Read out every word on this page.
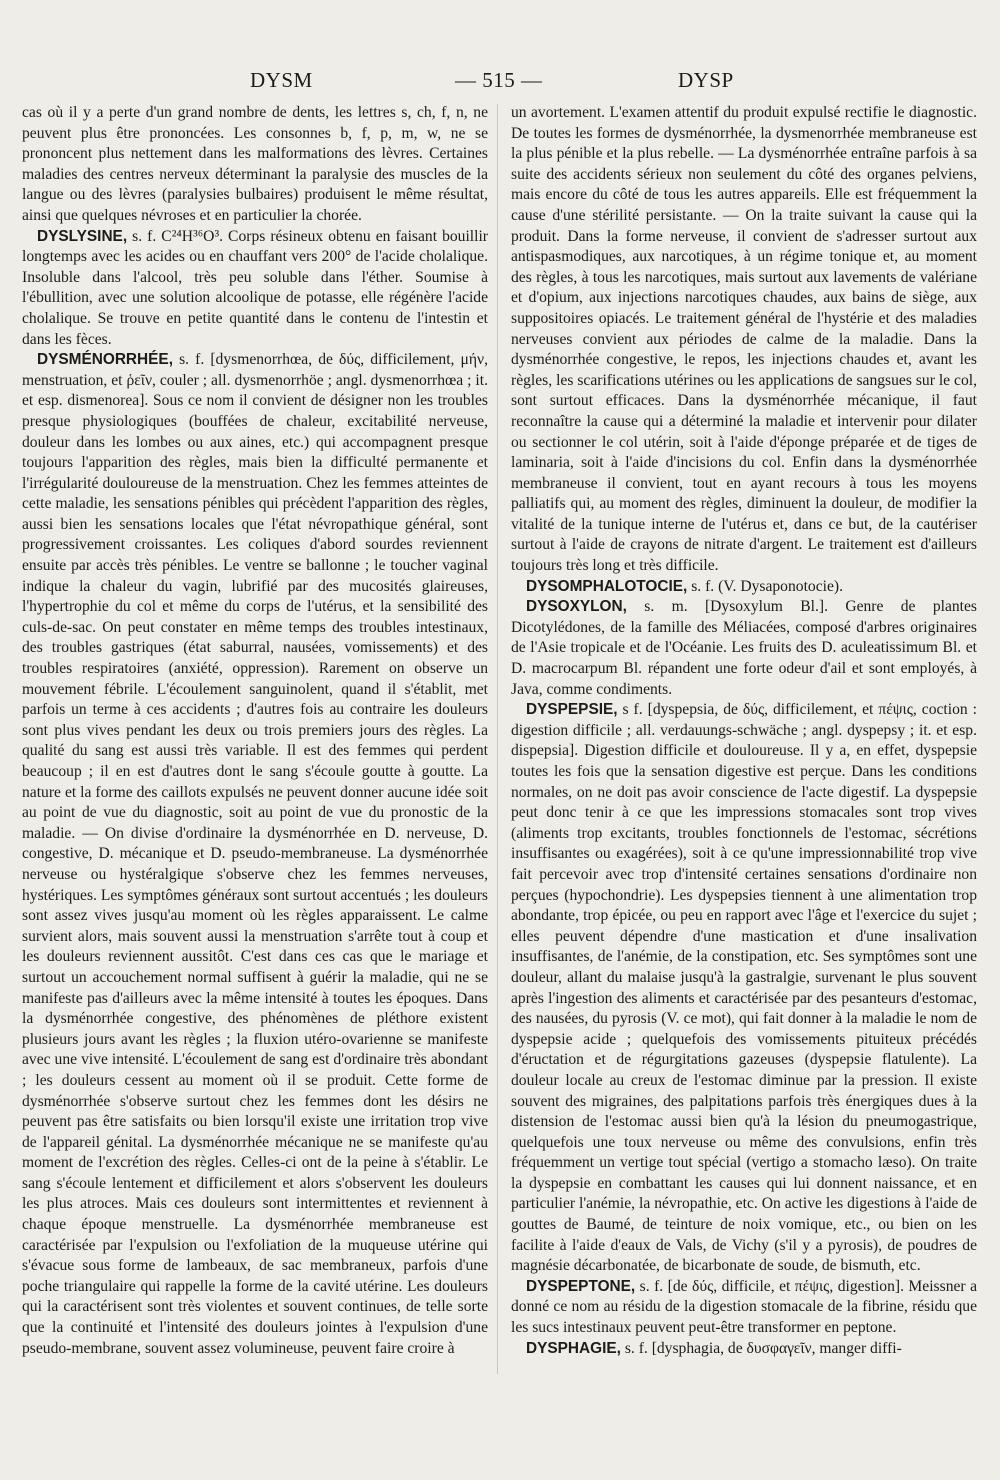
DYSM	— 515 —	DYSP

cas où il y a perte d'un grand nombre de dents, les lettres s, ch, f, n, ne peuvent plus être prononcées. Les consonnes b, f, p, m, w, ne se prononcent plus nettement dans les malformations des lèvres. Certaines maladies des centres nerveux déterminant la paralysie des muscles de la langue ou des lèvres (paralysies bulbaires) produisent le même résultat, ainsi que quelques névroses et en particulier la chorée.

DYSLYSINE, s. f. C²⁴H³⁶O³. Corps résineux obtenu en faisant bouillir longtemps avec les acides ou en chauffant vers 200° de l'acide cholalique. Insoluble dans l'alcool, très peu soluble dans l'éther. Soumise à l'ébullition, avec une solution alcoolique de potasse, elle régénère l'acide cholalique. Se trouve en petite quantité dans le contenu de l'intestin et dans les fèces.

DYSMÉNORRHÉE, s. f. [dysmenorrhœa, de δύς, difficilement, μήν, menstruation, et ῥεῖν, couler ; all. dysmenorrhöe ; angl. dysmenorrhœa ; it. et esp. dismenorea]. Sous ce nom il convient de désigner non les troubles presque physiologiques (bouffées de chaleur, excitabilité nerveuse, douleur dans les lombes ou aux aines, etc.) qui accompagnent presque toujours l'apparition des règles, mais bien la difficulté permanente et l'irrégularité douloureuse de la menstruation. Chez les femmes atteintes de cette maladie, les sensations pénibles qui précèdent l'apparition des règles, aussi bien les sensations locales que l'état névropathique général, sont progressivement croissantes. Les coliques d'abord sourdes reviennent ensuite par accès très pénibles. Le ventre se ballonne ; le toucher vaginal indique la chaleur du vagin, lubrifié par des mucosités glaireuses, l'hypertrophie du col et même du corps de l'utérus, et la sensibilité des culs-de-sac. On peut constater en même temps des troubles intestinaux, des troubles gastriques (état saburral, nausées, vomissements) et des troubles respiratoires (anxiété, oppression). Rarement on observe un mouvement fébrile. L'écoulement sanguinolent, quand il s'établit, met parfois un terme à ces accidents ; d'autres fois au contraire les douleurs sont plus vives pendant les deux ou trois premiers jours des règles. La qualité du sang est aussi très variable. Il est des femmes qui perdent beaucoup ; il en est d'autres dont le sang s'écoule goutte à goutte. La nature et la forme des caillots expulsés ne peuvent donner aucune idée soit au point de vue du diagnostic, soit au point de vue du pronostic de la maladie. — On divise d'ordinaire la dysménorrhée en D. nerveuse, D. congestive, D. mécanique et D. pseudo-membraneuse. La dysménorrhée nerveuse ou hystéralgique s'observe chez les femmes nerveuses, hystériques. Les symptômes généraux sont surtout accentués ; les douleurs sont assez vives jusqu'au moment où les règles apparaissent. Le calme survient alors, mais souvent aussi la menstruation s'arrête tout à coup et les douleurs reviennent aussitôt. C'est dans ces cas que le mariage et surtout un accouchement normal suffisent à guérir la maladie, qui ne se manifeste pas d'ailleurs avec la même intensité à toutes les époques. Dans la dysménorrhée congestive, des phénomènes de pléthore existent plusieurs jours avant les règles ; la fluxion utéro-ovarienne se manifeste avec une vive intensité. L'écoulement de sang est d'ordinaire très abondant ; les douleurs cessent au moment où il se produit. Cette forme de dysménorrhée s'observe surtout chez les femmes dont les désirs ne peuvent pas être satisfaits ou bien lorsqu'il existe une irritation trop vive de l'appareil génital. La dysménorrhée mécanique ne se manifeste qu'au moment de l'excrétion des règles. Celles-ci ont de la peine à s'établir. Le sang s'écoule lentement et difficilement et alors s'observent les douleurs les plus atroces. Mais ces douleurs sont intermittentes et reviennent à chaque époque menstruelle. La dysménorrhée membraneuse est caractérisée par l'expulsion ou l'exfoliation de la muqueuse utérine qui s'évacue sous forme de lambeaux, de sac membraneux, parfois d'une poche triangulaire qui rappelle la forme de la cavité utérine. Les douleurs qui la caractérisent sont très violentes et souvent continues, de telle sorte que la continuité et l'intensité des douleurs jointes à l'expulsion d'une pseudo-membrane, souvent assez volumineuse, peuvent faire croire à

un avortement. L'examen attentif du produit expulsé rectifie le diagnostic. De toutes les formes de dysménorrhée, la dysmenorrhée membraneuse est la plus pénible et la plus rebelle. — La dysménorrhée entraîne parfois à sa suite des accidents sérieux non seulement du côté des organes pelviens, mais encore du côté de tous les autres appareils. Elle est fréquemment la cause d'une stérilité persistante. — On la traite suivant la cause qui la produit. Dans la forme nerveuse, il convient de s'adresser surtout aux antispasmodiques, aux narcotiques, à un régime tonique et, au moment des règles, à tous les narcotiques, mais surtout aux lavements de valériane et d'opium, aux injections narcotiques chaudes, aux bains de siège, aux suppositoires opiacés. Le traitement général de l'hystérie et des maladies nerveuses convient aux périodes de calme de la maladie. Dans la dysménorrhée congestive, le repos, les injections chaudes et, avant les règles, les scarifications utérines ou les applications de sangsues sur le col, sont surtout efficaces. Dans la dysménorrhée mécanique, il faut reconnaître la cause qui a déterminé la maladie et intervenir pour dilater ou sectionner le col utérin, soit à l'aide d'éponge préparée et de tiges de laminaria, soit à l'aide d'incisions du col. Enfin dans la dysménorrhée membraneuse il convient, tout en ayant recours à tous les moyens palliatifs qui, au moment des règles, diminuent la douleur, de modifier la vitalité de la tunique interne de l'utérus et, dans ce but, de la cautériser surtout à l'aide de crayons de nitrate d'argent. Le traitement est d'ailleurs toujours très long et très difficile.

DYSOMPHALOTOCIE, s. f. (V. Dysaponotocie).

DYSOXYLON, s. m. [Dysoxylum Bl.]. Genre de plantes Dicotylédones, de la famille des Méliacées, composé d'arbres originaires de l'Asie tropicale et de l'Océanie. Les fruits des D. aculeatissimum Bl. et D. macrocarpum Bl. répandent une forte odeur d'ail et sont employés, à Java, comme condiments.

DYSPEPSIE, s f. [dyspepsia, de δύς, difficilement, et πέψις, coction : digestion difficile ; all. verdauungs-schwäche ; angl. dyspepsy ; it. et esp. dispepsia]. Digestion difficile et douloureuse. Il y a, en effet, dyspepsie toutes les fois que la sensation digestive est perçue. Dans les conditions normales, on ne doit pas avoir conscience de l'acte digestif. La dyspepsie peut donc tenir à ce que les impressions stomacales sont trop vives (aliments trop excitants, troubles fonctionnels de l'estomac, sécrétions insuffisantes ou exagérées), soit à ce qu'une impressionnabilité trop vive fait percevoir avec trop d'intensité certaines sensations d'ordinaire non perçues (hypochondrie). Les dyspepsies tiennent à une alimentation trop abondante, trop épicée, ou peu en rapport avec l'âge et l'exercice du sujet ; elles peuvent dépendre d'une mastication et d'une insalivation insuffisantes, de l'anémie, de la constipation, etc. Ses symptômes sont une douleur, allant du malaise jusqu'à la gastralgie, survenant le plus souvent après l'ingestion des aliments et caractérisée par des pesanteurs d'estomac, des nausées, du pyrosis (V. ce mot), qui fait donner à la maladie le nom de dyspepsie acide ; quelquefois des vomissements pituiteux précédés d'éructation et de régurgitations gazeuses (dyspepsie flatulente). La douleur locale au creux de l'estomac diminue par la pression. Il existe souvent des migraines, des palpitations parfois très énergiques dues à la distension de l'estomac aussi bien qu'à la lésion du pneumogastrique, quelquefois une toux nerveuse ou même des convulsions, enfin très fréquemment un vertige tout spécial (vertigo a stomacho læso). On traite la dyspepsie en combattant les causes qui lui donnent naissance, et en particulier l'anémie, la névropathie, etc. On active les digestions à l'aide de gouttes de Baumé, de teinture de noix vomique, etc., ou bien on les facilite à l'aide d'eaux de Vals, de Vichy (s'il y a pyrosis), de poudres de magnésie décarbonatée, de bicarbonate de soude, de bismuth, etc.

DYSPEPTONE, s. f. [de δύς, difficile, et πέψις, digestion]. Meissner a donné ce nom au résidu de la digestion stomacale de la fibrine, résidu que les sucs intestinaux peuvent peut-être transformer en peptone.

DYSPHAGIE, s. f. [dysphagia, de δυσφαγεῖν, manger diffi-
